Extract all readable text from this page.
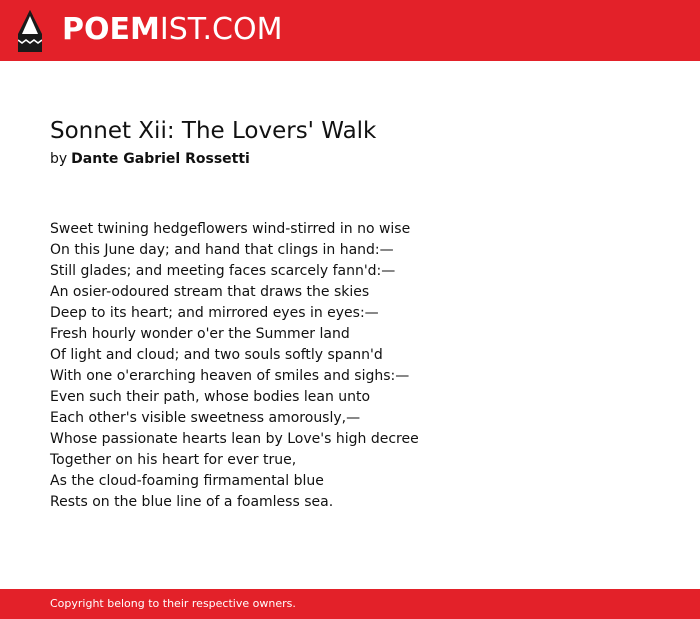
POEMIST.COM
Sonnet Xii: The Lovers' Walk
by Dante Gabriel Rossetti
Sweet twining hedgeflowers wind-stirred in no wise
On this June day; and hand that clings in hand:—
Still glades; and meeting faces scarcely fann'd:—
An osier-odoured stream that draws the skies
Deep to its heart; and mirrored eyes in eyes:—
Fresh hourly wonder o'er the Summer land
Of light and cloud; and two souls softly spann'd
With one o'erarching heaven of smiles and sighs:—
Even such their path, whose bodies lean unto
Each other's visible sweetness amorously,—
Whose passionate hearts lean by Love's high decree
Together on his heart for ever true,
As the cloud-foaming firmamental blue
Rests on the blue line of a foamless sea.
Copyright belong to their respective owners.
